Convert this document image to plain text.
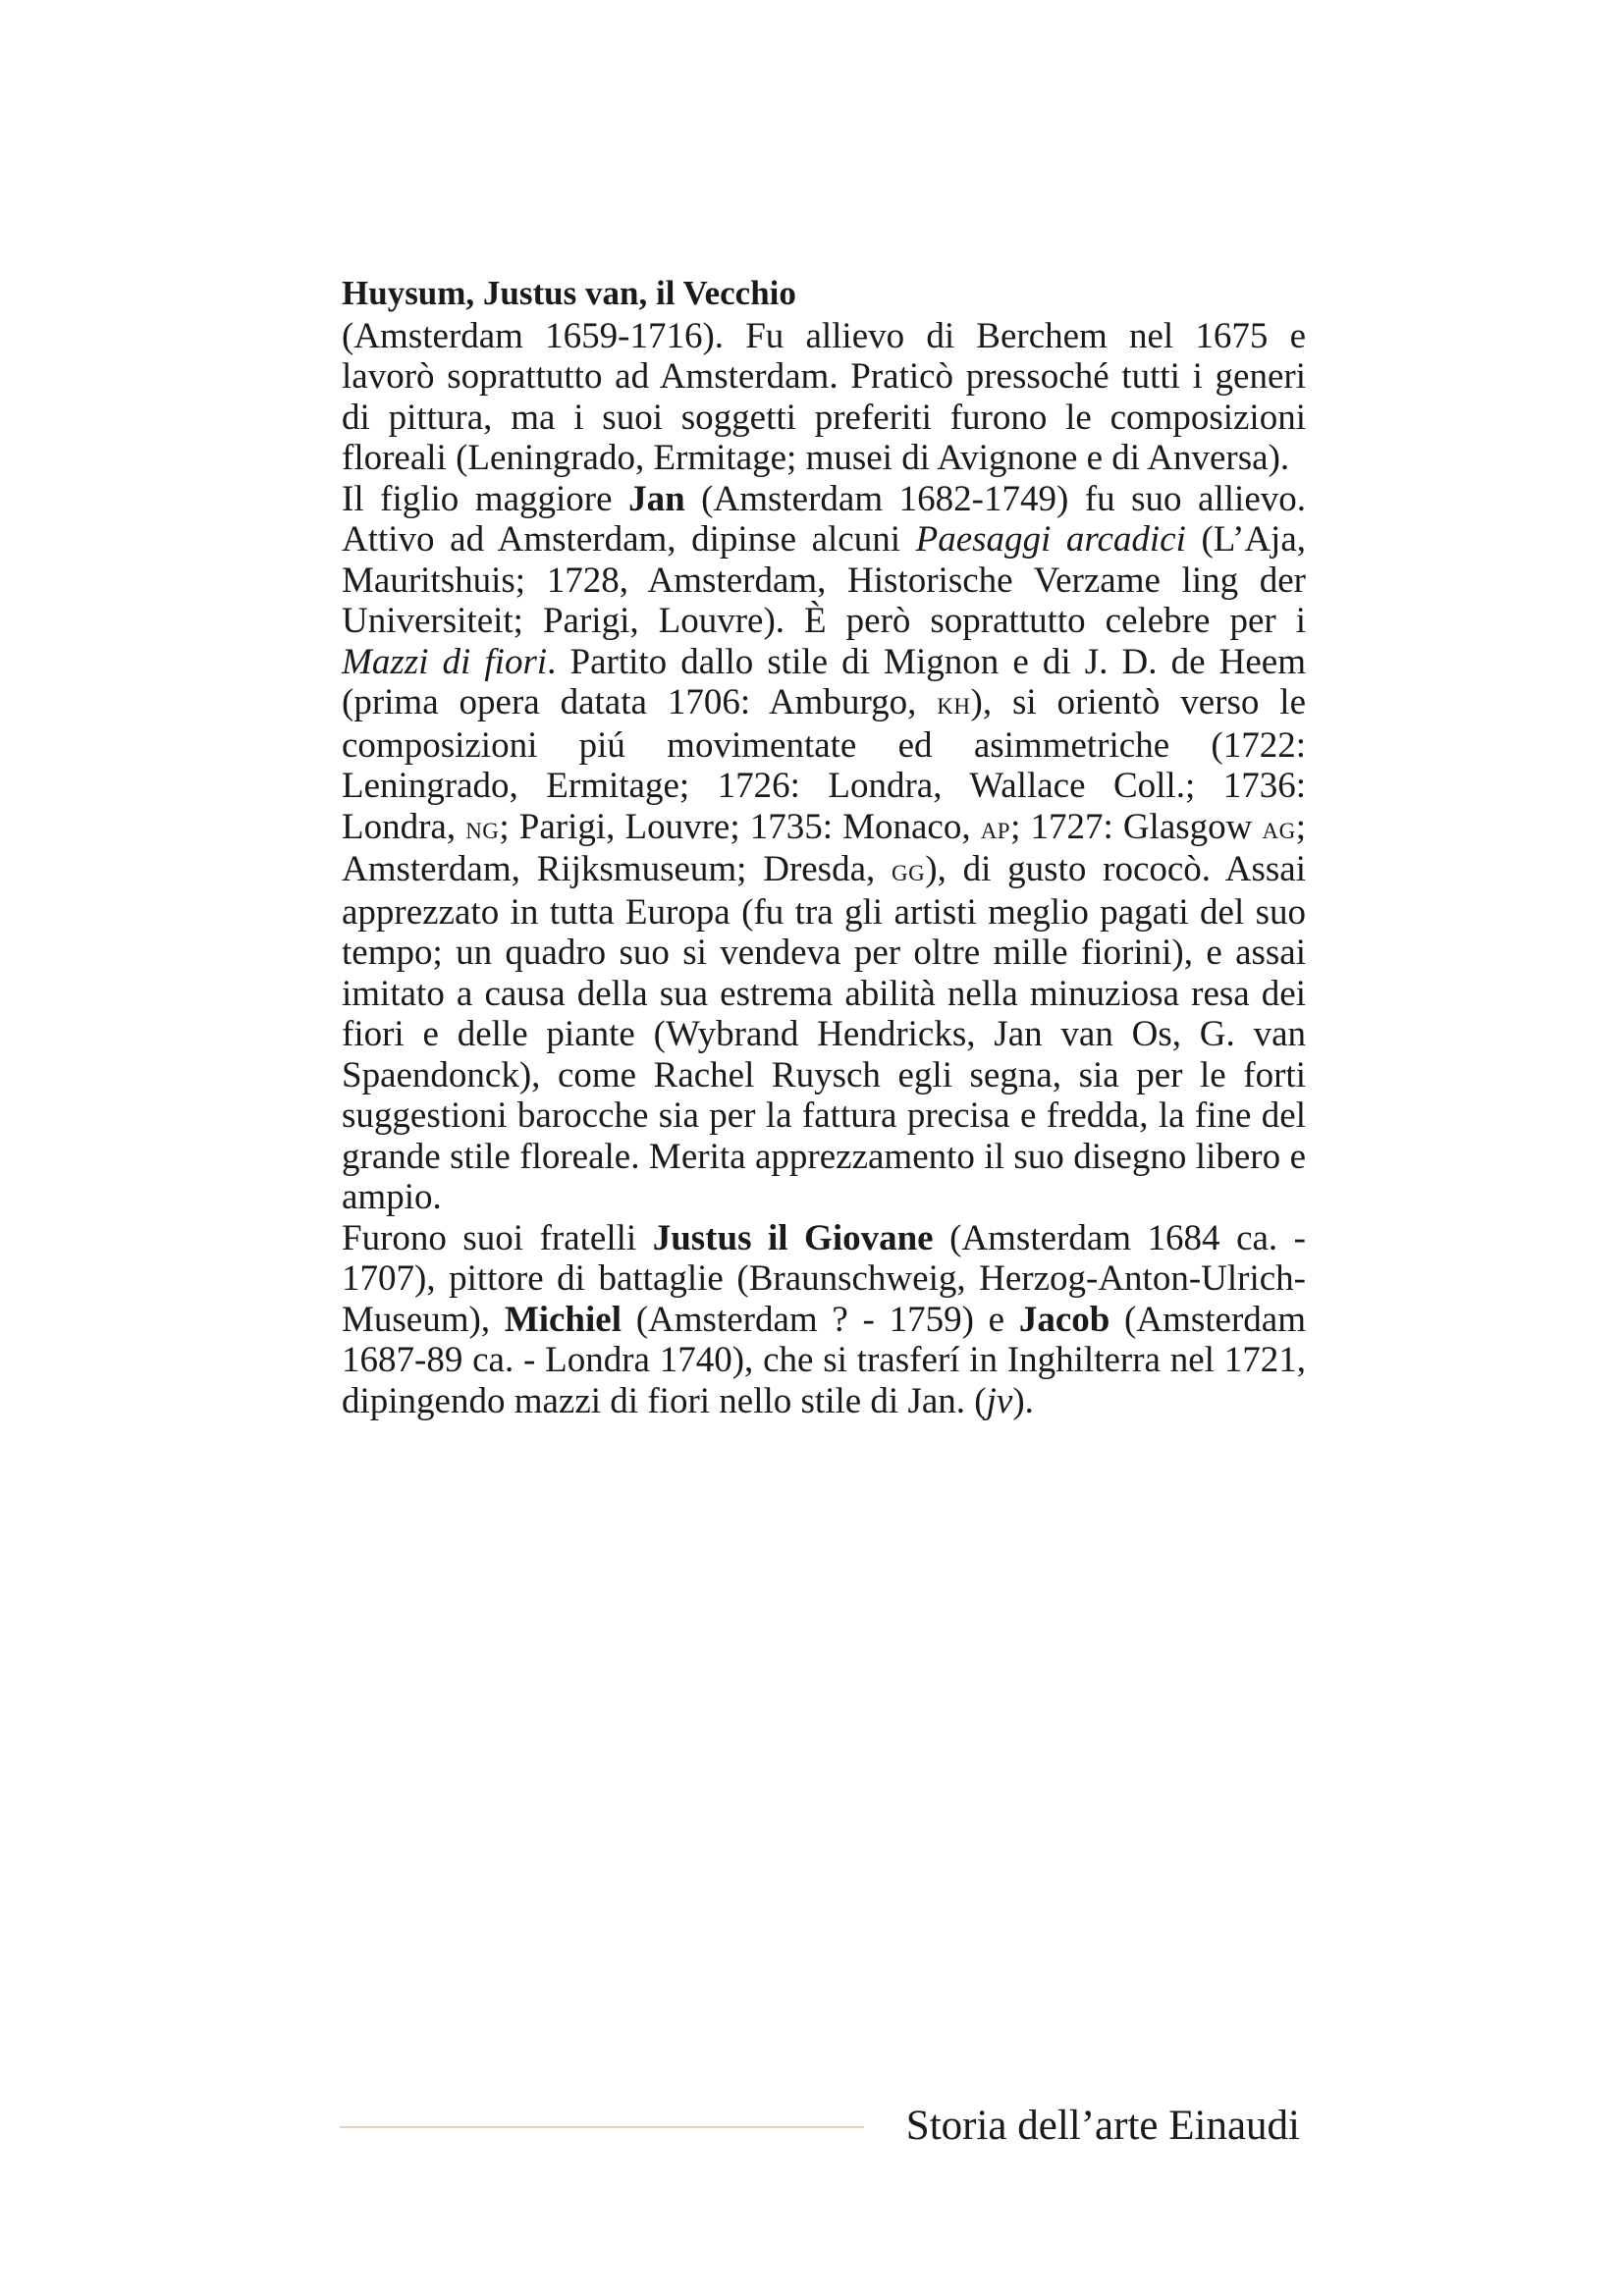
Huysum, Justus van, il Vecchio

(Amsterdam 1659-1716). Fu allievo di Berchem nel 1675 e lavorò soprattutto ad Amsterdam. Praticò pressoché tutti i generi di pittura, ma i suoi soggetti preferiti furono le composizioni floreali (Leningrado, Ermitage; musei di Avignone e di Anversa).

Il figlio maggiore Jan (Amsterdam 1682-1749) fu suo allievo. Attivo ad Amsterdam, dipinse alcuni Paesaggi arcadici (L’Aja, Mauritshuis; 1728, Amsterdam, Historische Verzame ling der Universiteit; Parigi, Louvre). È però soprattutto celebre per i Mazzi di fiori. Partito dallo stile di Mignon e di J. D. de Heem (prima opera datata 1706: Amburgo, kh), si orientò verso le composizioni piú movimentate ed asimmetriche (1722: Leningrado, Ermitage; 1726: Londra, Wallace Coll.; 1736: Londra, ng; Parigi, Louvre; 1735: Monaco, ap; 1727: Glasgow ag; Amsterdam, Rijksmuseum; Dresda, gg), di gusto rococò. Assai apprezzato in tutta Europa (fu tra gli artisti meglio pagati del suo tempo; un quadro suo si vendeva per oltre mille fiorini), e assai imitato a causa della sua estrema abilità nella minuziosa resa dei fiori e delle piante (Wybrand Hendricks, Jan van Os, G. van Spaendonck), come Rachel Ruysch egli segna, sia per le forti suggestioni barocche sia per la fattura precisa e fredda, la fine del grande stile floreale. Merita apprezzamento il suo disegno libero e ampio.

Furono suoi fratelli Justus il Giovane (Amsterdam 1684 ca. - 1707), pittore di battaglie (Braunschweig, Herzog-Anton-Ulrich-Museum), Michiel (Amsterdam ? - 1759) e Jacob (Amsterdam 1687-89 ca. - Londra 1740), che si trasferí in Inghilterra nel 1721, dipingendo mazzi di fiori nello stile di Jan. (jv).

Storia dell’arte Einaudi
